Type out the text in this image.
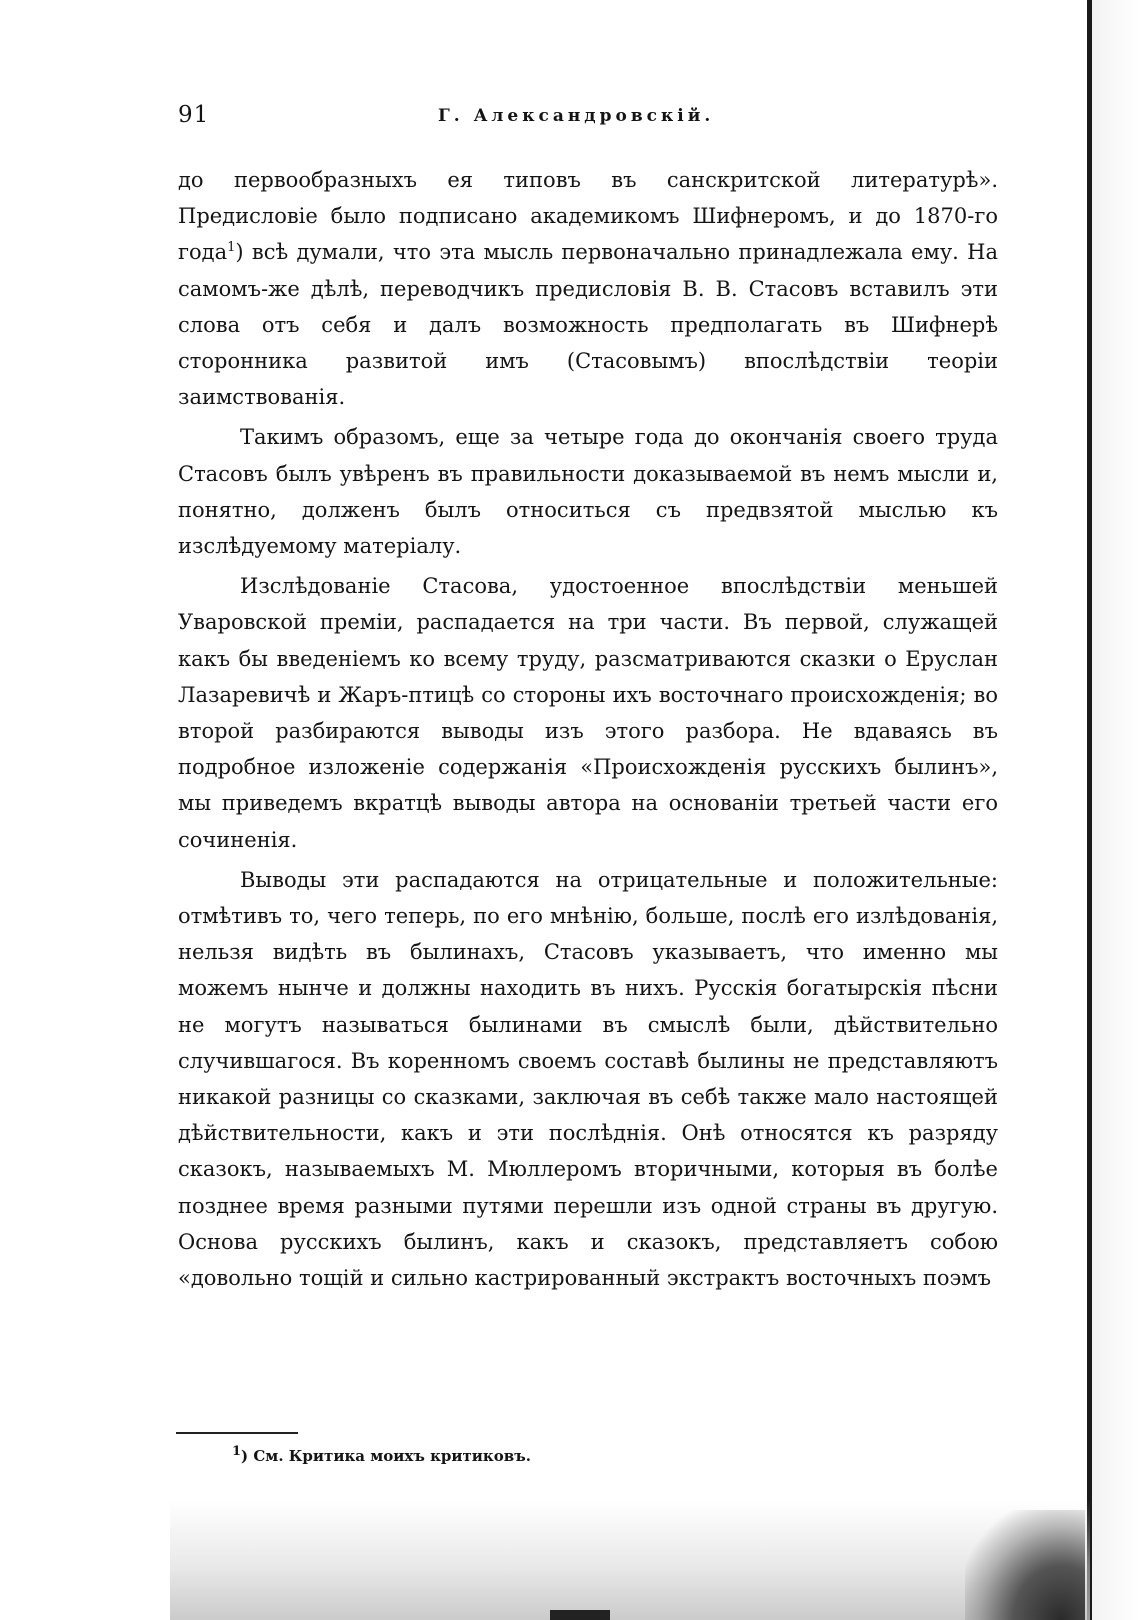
91	Г. Александровскій.

до первообразныхъ ея типовъ въ санскритской литературѣ». Предисловіе было подписано академикомъ Шифнеромъ, и до 1870-го года$^1$) всѣ думали, что эта мысль первоначально принадлежала ему. На самомъ-же дѣлѣ, переводчикъ предисловія В. В. Стасовъ вставилъ эти слова отъ себя и далъ возможность предполагать въ Шифнерѣ сторонника развитой имъ (Стасовымъ) впослѣдствіи теоріи заимствованія.

Такимъ образомъ, еще за четыре года до окончанія своего труда Стасовъ былъ увѣренъ въ правильности доказываемой въ немъ мысли и, понятно, долженъ былъ относиться съ предвзятой мыслью къ изслѣдуемому матеріалу.

Изслѣдованіе Стасова, удостоенное впослѣдствіи меньшей Уваровской преміи, распадается на три части. Въ первой, служащей какъ бы введеніемъ ко всему труду, разсматриваются сказки о Еруслан Лазаревичѣ и Жаръ-птицѣ со стороны ихъ восточнаго происхожденія; во второй разбираются выводы изъ этого разбора. Не вдаваясь въ подробное изложеніе содержанія «Происхожденія русскихъ былинъ», мы приведемъ вкратцѣ выводы автора на основаніи третьей части его сочиненія.

Выводы эти распадаются на отрицательные и положительные: отмѣтивъ то, чего теперь, по его мнѣнію, больше, послѣ его излѣдованія, нельзя видѣть въ былинахъ, Стасовъ указываетъ, что именно мы можемъ нынче и должны находить въ нихъ. Русскія богатырскія пѣсни не могутъ называться былинами въ смыслѣ были, дѣйствительно случившагося. Въ коренномъ своемъ составѣ былины не представляютъ никакой разницы со сказками, заключая въ себѣ также мало настоящей дѣйствительности, какъ и эти послѣднія. Онѣ относятся къ разряду сказокъ, называемыхъ М. Мюллеромъ вторичными, которыя въ болѣе позднее время разными путями перешли изъ одной страны въ другую. Основа русскихъ былинъ, какъ и сказокъ, представляетъ собою «довольно тощій и сильно кастрированный экстрактъ восточныхъ поэмъ

$^1$) См. Критика моихъ критиковъ.
